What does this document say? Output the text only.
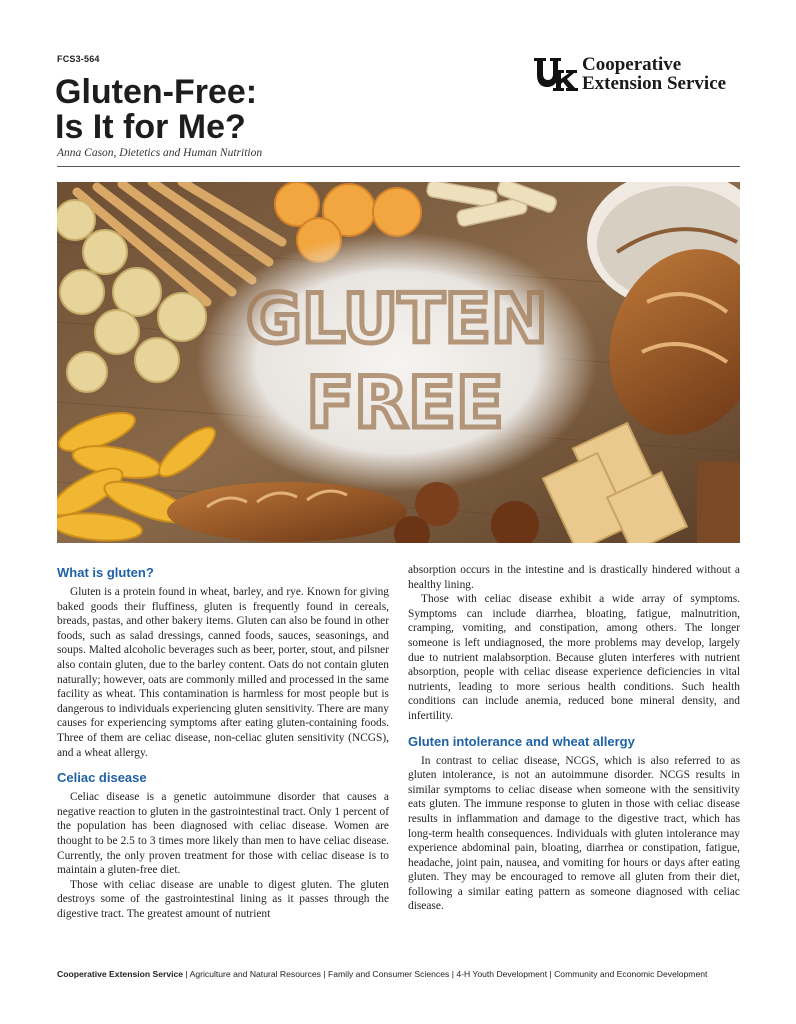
FCS3-564
Gluten-Free:
Is It for Me?
Anna Cason, Dietetics and Human Nutrition
Cooperative
Extension Service
GLUTEN
FREE
What is gluten?

Gluten is a protein found in wheat, barley, and rye. Known for giving baked goods their fluffiness, gluten is frequently found in cereals, breads, pastas, and other bakery items. Gluten can also be found in other foods, such as salad dressings, canned foods, sauces, seasonings, and soups. Malted alcoholic beverages such as beer, porter, stout, and pilsner also contain gluten, due to the barley content. Oats do not contain gluten naturally; however, oats are commonly milled and processed in the same facility as wheat. This contamination is harmless for most people but is dangerous to individuals experiencing gluten sensitivity. There are many causes for experiencing symptoms after eating gluten-containing foods. Three of them are celiac disease, non-celiac gluten sensitivity (NCGS), and a wheat allergy.

Celiac disease

Celiac disease is a genetic autoimmune disorder that causes a negative reaction to gluten in the gastrointestinal tract. Only 1 percent of the population has been diagnosed with celiac disease. Women are thought to be 2.5 to 3 times more likely than men to have celiac disease. Currently, the only proven treatment for those with celiac disease is to maintain a gluten-free diet.

Those with celiac disease are unable to digest gluten. The gluten destroys some of the gastrointestinal lining as it passes through the digestive tract. The greatest amount of nutrient

absorption occurs in the intestine and is drastically hindered without a healthy lining.

Those with celiac disease exhibit a wide array of symptoms. Symptoms can include diarrhea, bloating, fatigue, malnutrition, cramping, vomiting, and constipation, among others. The longer someone is left undiagnosed, the more problems may develop, largely due to nutrient malabsorption. Because gluten interferes with nutrient absorption, people with celiac disease experience deficiencies in vital nutrients, leading to more serious health conditions. Such health conditions can include anemia, reduced bone mineral density, and infertility.

Gluten intolerance and wheat allergy

In contrast to celiac disease, NCGS, which is also referred to as gluten intolerance, is not an autoimmune disorder. NCGS results in similar symptoms to celiac disease when someone with the sensitivity eats gluten. The immune response to gluten in those with celiac disease results in inflammation and damage to the digestive tract, which has long-term health consequences. Individuals with gluten intolerance may experience abdominal pain, bloating, diarrhea or constipation, fatigue, headache, joint pain, nausea, and vomiting for hours or days after eating gluten. They may be encouraged to remove all gluten from their diet, following a similar eating pattern as someone diagnosed with celiac disease.

Cooperative Extension Service | Agriculture and Natural Resources | Family and Consumer Sciences | 4-H Youth Development | Community and Economic Development
